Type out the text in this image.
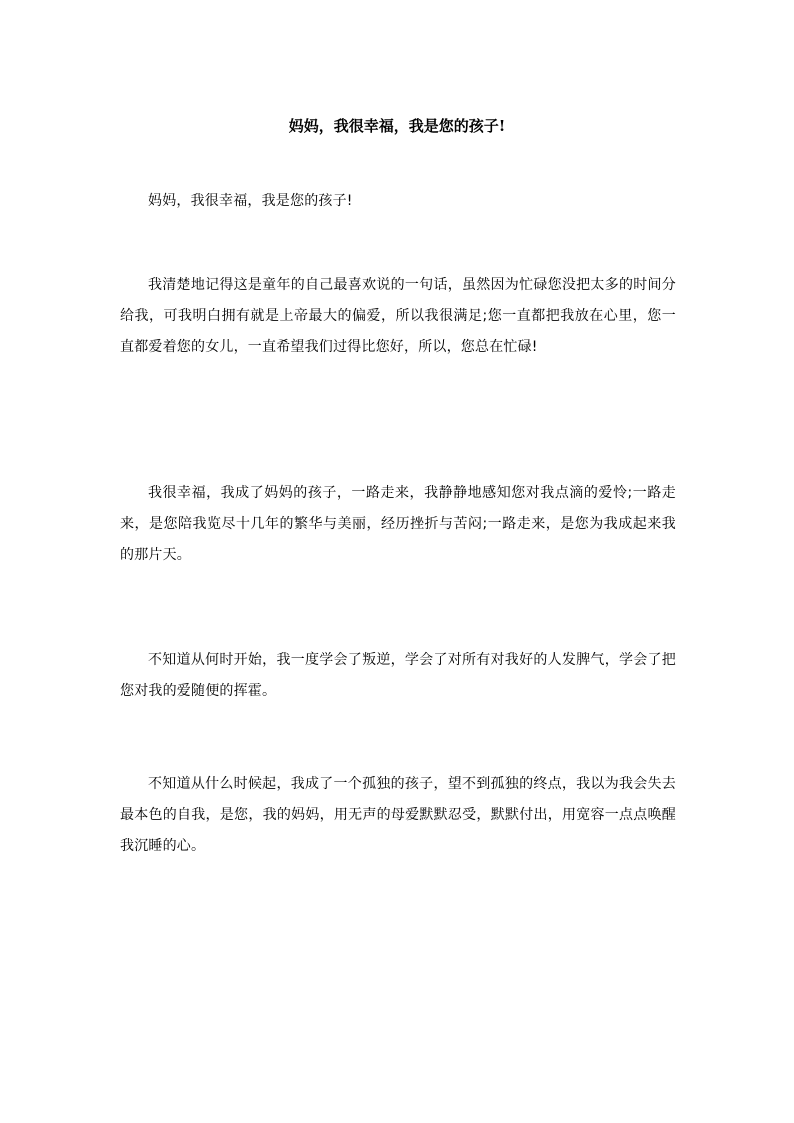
妈妈，我很幸福，我是您的孩子!

妈妈，我很幸福，我是您的孩子!

我清楚地记得这是童年的自己最喜欢说的一句话，虽然因为忙碌您没把太多的时间分给我，可我明白拥有就是上帝最大的偏爱，所以我很满足;您一直都把我放在心里，您一直都爱着您的女儿，一直希望我们过得比您好，所以，您总在忙碌!

我很幸福，我成了妈妈的孩子，一路走来，我静静地感知您对我点滴的爱怜;一路走来，是您陪我览尽十几年的繁华与美丽，经历挫折与苦闷;一路走来，是您为我成起来我的那片天。

不知道从何时开始，我一度学会了叛逆，学会了对所有对我好的人发脾气，学会了把您对我的爱随便的挥霍。

不知道从什么时候起，我成了一个孤独的孩子，望不到孤独的终点，我以为我会失去最本色的自我，是您，我的妈妈，用无声的母爱默默忍受，默默付出，用宽容一点点唤醒我沉睡的心。
